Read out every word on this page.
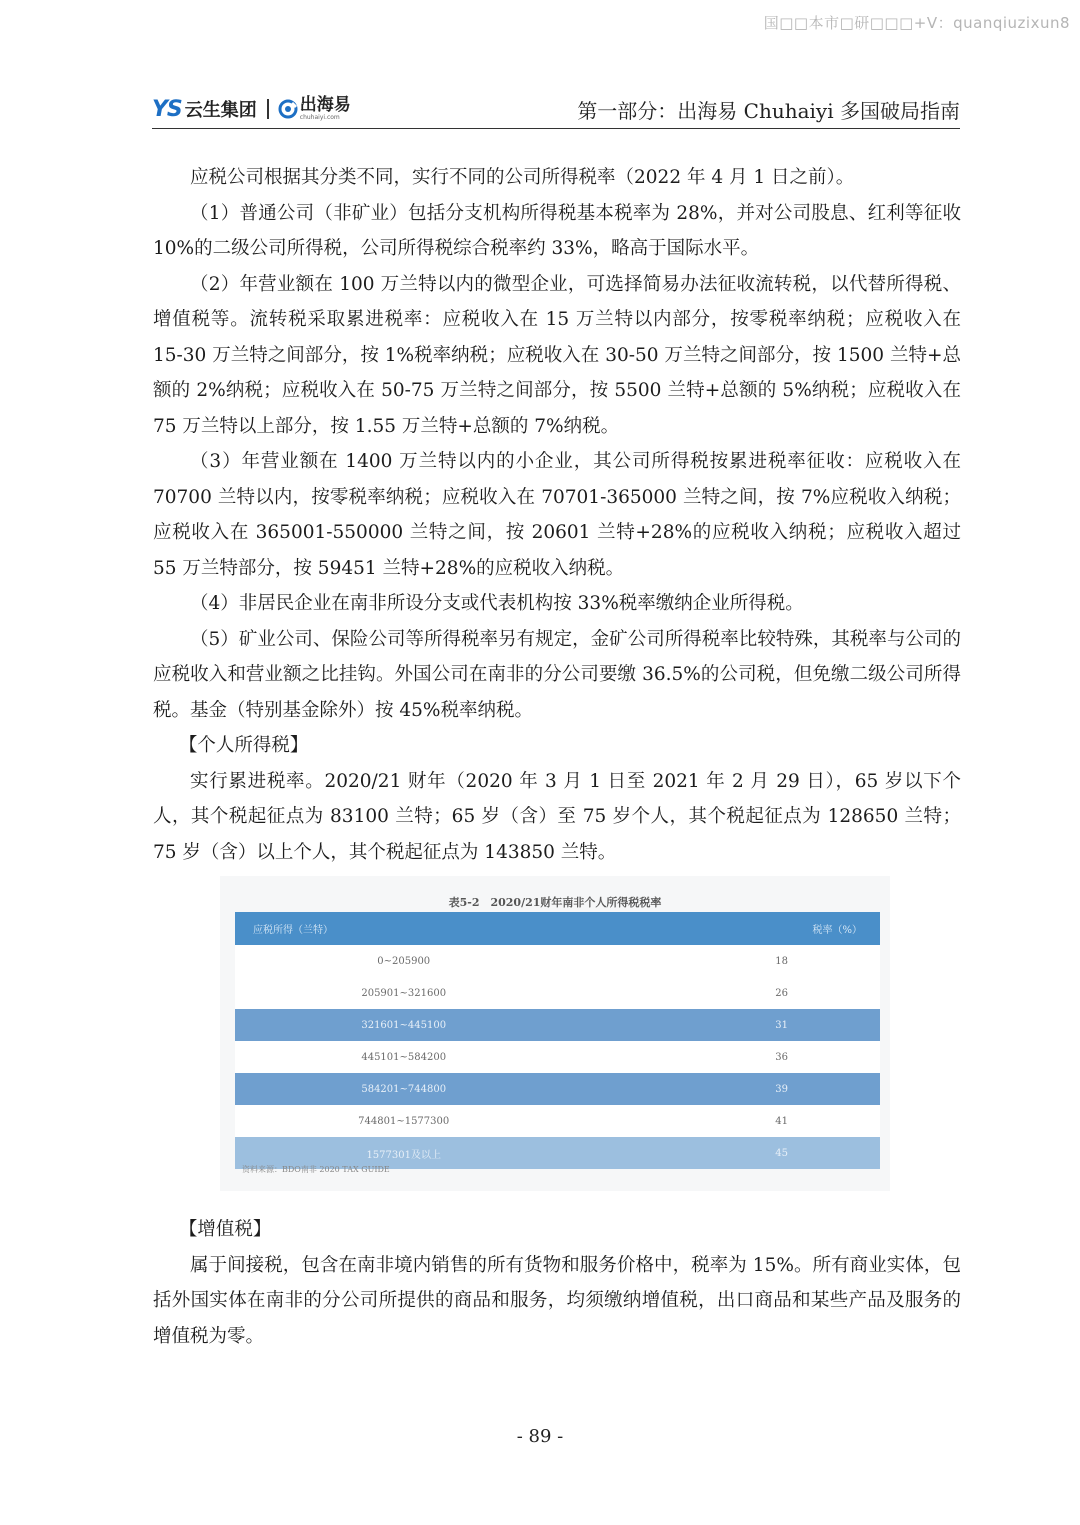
国□□本市□研□□□+V：quanqiuzixun8
YS 云生集团	出海易
chuhaiyi.com	第一部分：出海易 Chuhaiyi 多国破局指南

应税公司根据其分类不同，实行不同的公司所得税率（2022 年 4 月 1 日之前）。

（1）普通公司（非矿业）包括分支机构所得税基本税率为 28%，并对公司股息、红利等征收 10%的二级公司所得税，公司所得税综合税率约 33%，略高于国际水平。

（2）年营业额在 100 万兰特以内的微型企业，可选择简易办法征收流转税，以代替所得税、增值税等。流转税采取累进税率：应税收入在 15 万兰特以内部分，按零税率纳税；应税收入在 15-30 万兰特之间部分，按 1%税率纳税；应税收入在 30-50 万兰特之间部分，按 1500 兰特+总额的 2%纳税；应税收入在 50-75 万兰特之间部分，按 5500 兰特+总额的 5%纳税；应税收入在 75 万兰特以上部分，按 1.55 万兰特+总额的 7%纳税。

（3）年营业额在 1400 万兰特以内的小企业，其公司所得税按累进税率征收：应税收入在 70700 兰特以内，按零税率纳税；应税收入在 70701-365000 兰特之间，按 7%应税收入纳税；应税收入在 365001-550000 兰特之间，按 20601 兰特+28%的应税收入纳税；应税收入超过 55 万兰特部分，按 59451 兰特+28%的应税收入纳税。

（4）非居民企业在南非所设分支或代表机构按 33%税率缴纳企业所得税。

（5）矿业公司、保险公司等所得税率另有规定，金矿公司所得税率比较特殊，其税率与公司的应税收入和营业额之比挂钩。外国公司在南非的分公司要缴 36.5%的公司税，但免缴二级公司所得税。基金（特别基金除外）按 45%税率纳税。

【个人所得税】

实行累进税率。2020/21 财年（2020 年 3 月 1 日至 2021 年 2 月 29 日），65 岁以下个人，其个税起征点为 83100 兰特；65 岁（含）至 75 岁个人，其个税起征点为 128650 兰特；75 岁（含）以上个人，其个税起征点为 143850 兰特。

表5-2　2020/21财年南非个人所得税税率
应税所得（兰特）	税率（%）
0~205900	18
205901~321600	26
321601~445100	31
445101~584200	36
584201~744800	39
744801~1577300	41
1577301及以上	45
资料来源：BDO南非 2020 TAX GUIDE

【增值税】

属于间接税，包含在南非境内销售的所有货物和服务价格中，税率为 15%。所有商业实体，包括外国实体在南非的分公司所提供的商品和服务，均须缴纳增值税，出口商品和某些产品及服务的增值税为零。

- 89 -
